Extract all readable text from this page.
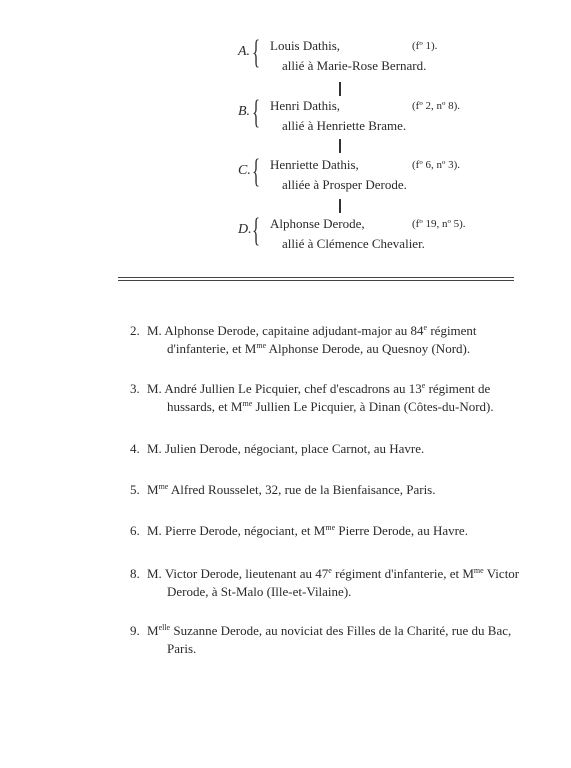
A. { Louis Dathis,	(fº 1).
allié à Marie-Rose Bernard.
B. { Henri Dathis,	(fº 2, nº 8).
allié à Henriette Brame.
C. { Henriette Dathis,	(fº 6, nº 3).
alliée à Prosper Derode.
D. { Alphonse Derode,	(fº 19, nº 5).
allié à Clémence Chevalier.
2. M. Alphonse Derode, capitaine adjudant-major au 84e régiment
d'infanterie, et $M^{me}$ Alphonse Derode, au Quesnoy (Nord).
3. M. André Jullien Le Picquier, chef d'escadrons au 13e régiment de
hussards, et $M^{me}$ Jullien Le Picquier, à Dinan (Côtes-du-Nord).
4. M. Julien Derode, négociant, place Carnot, au Havre.
5. $M^{me}$ Alfred Rousselet, 32, rue de la Bienfaisance, Paris.
6. M. Pierre Derode, négociant, et $M^{me}$ Pierre Derode, au Havre.
8. M. Victor Derode, lieutenant au 47e régiment d'infanterie, et $M^{me}$ Victor
Derode, à St-Malo (Ille-et-Vilaine).
9. $M^{elle}$ Suzanne Derode, au noviciat des Filles de la Charité, rue du Bac,
Paris.
